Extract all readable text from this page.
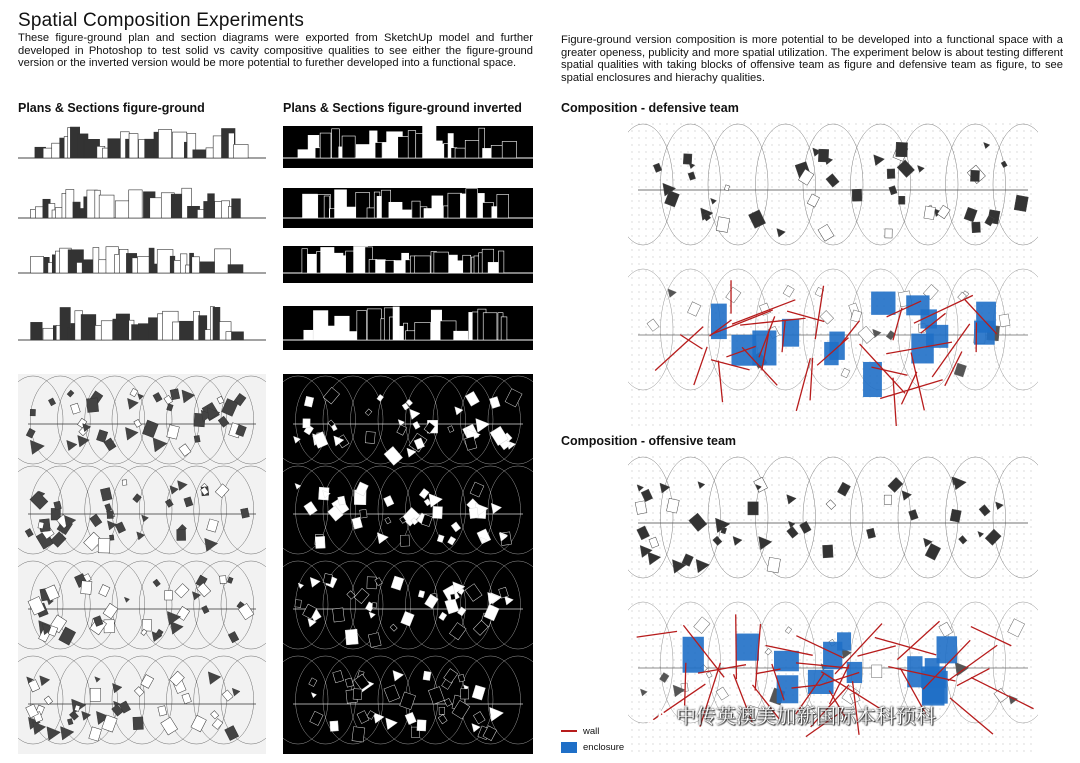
Spatial Composition Experiments
These figure-ground plan and section diagrams were exported from SketchUp model and further developed in Photoshop to test solid vs cavity compositive qualities to see either the figure-ground version or the inverted version would be more potential to furether developed into a functional space.
Figure-ground version composition is more potential to be developed into a functional space with a greater openess, publicity and more spatial utilization. The experiment below is about testing different spatial qualities with taking blocks of offensive team as figure and defensive team as figure, to see spatial enclosures and hierachy qualities.
Plans & Sections figure-ground	Plans & Sections figure-ground inverted	Composition - defensive team
Composition - offensive team
wall
enclosure
中传英澳美加新国际本科预科
